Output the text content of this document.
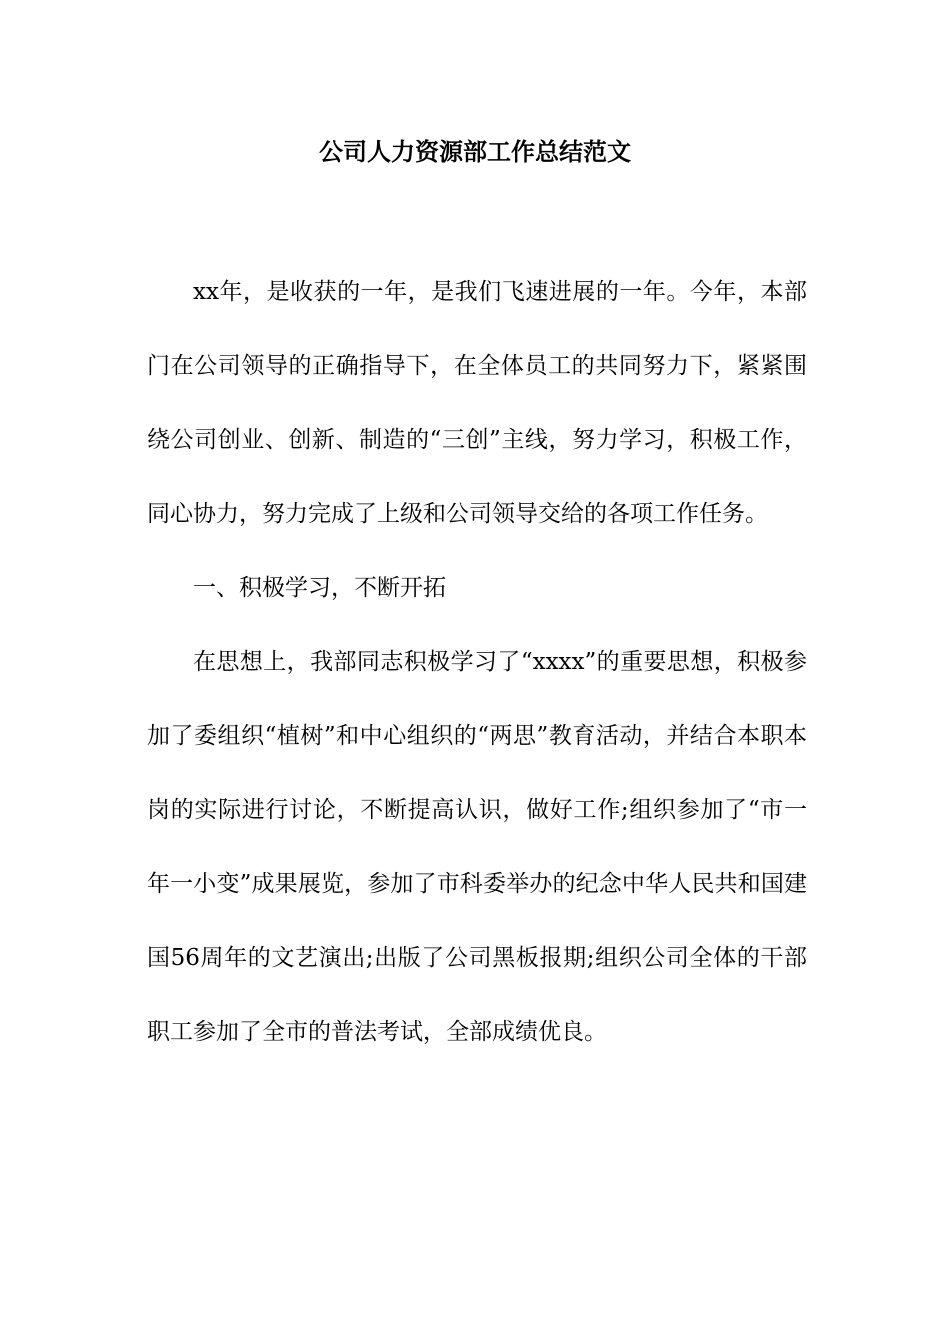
公司人力资源部工作总结范文

xx年，是收获的一年，是我们飞速进展的一年。今年，本部门在公司领导的正确指导下，在全体员工的共同努力下，紧紧围绕公司创业、创新、制造的“三创”主线，努力学习，积极工作，同心协力，努力完成了上级和公司领导交给的各项工作任务。

一、积极学习，不断开拓

在思想上，我部同志积极学习了“xxxx”的重要思想，积极参加了委组织“植树”和中心组织的“两思”教育活动，并结合本职本岗的实际进行讨论，不断提高认识，做好工作;组织参加了“市一年一小变”成果展览，参加了市科委举办的纪念中华人民共和国建国56周年的文艺演出;出版了公司黑板报期;组织公司全体的干部职工参加了全市的普法考试，全部成绩优良。
